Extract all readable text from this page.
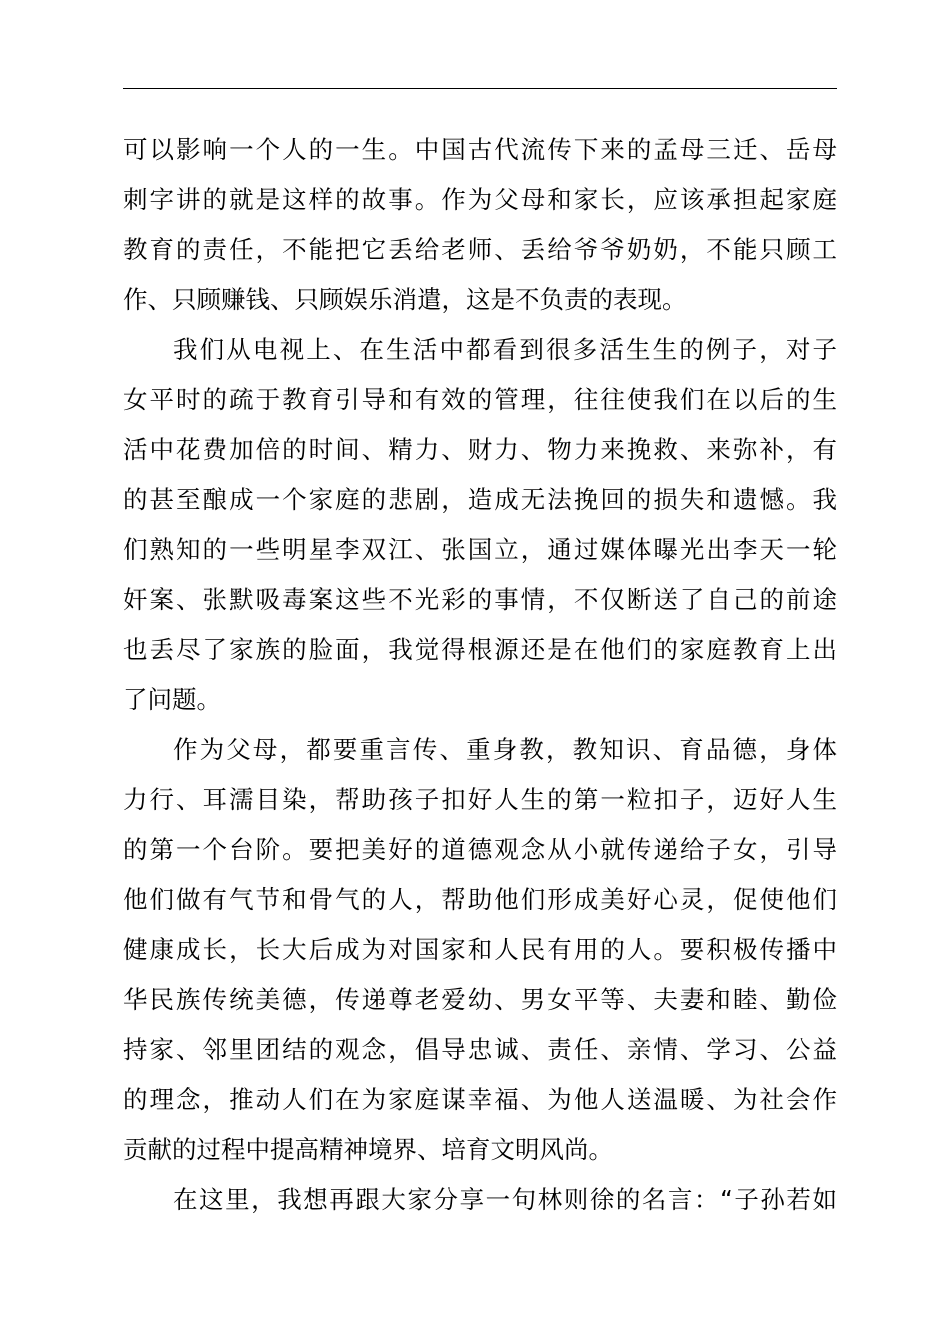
可以影响一个人的一生。中国古代流传下来的孟母三迁、岳母
刺字讲的就是这样的故事。作为父母和家长，应该承担起家庭
教育的责任，不能把它丢给老师、丢给爷爷奶奶，不能只顾工
作、只顾赚钱、只顾娱乐消遣，这是不负责的表现。
我们从电视上、在生活中都看到很多活生生的例子，对子
女平时的疏于教育引导和有效的管理，往往使我们在以后的生
活中花费加倍的时间、精力、财力、物力来挽救、来弥补，有
的甚至酿成一个家庭的悲剧，造成无法挽回的损失和遗憾。我
们熟知的一些明星李双江、张国立，通过媒体曝光出李天一轮
奸案、张默吸毒案这些不光彩的事情，不仅断送了自己的前途
也丢尽了家族的脸面，我觉得根源还是在他们的家庭教育上出
了问题。
作为父母，都要重言传、重身教，教知识、育品德，身体
力行、耳濡目染，帮助孩子扣好人生的第一粒扣子，迈好人生
的第一个台阶。要把美好的道德观念从小就传递给子女，引导
他们做有气节和骨气的人，帮助他们形成美好心灵，促使他们
健康成长，长大后成为对国家和人民有用的人。要积极传播中
华民族传统美德，传递尊老爱幼、男女平等、夫妻和睦、勤俭
持家、邻里团结的观念，倡导忠诚、责任、亲情、学习、公益
的理念，推动人们在为家庭谋幸福、为他人送温暖、为社会作
贡献的过程中提高精神境界、培育文明风尚。
在这里，我想再跟大家分享一句林则徐的名言：“子孙若如
